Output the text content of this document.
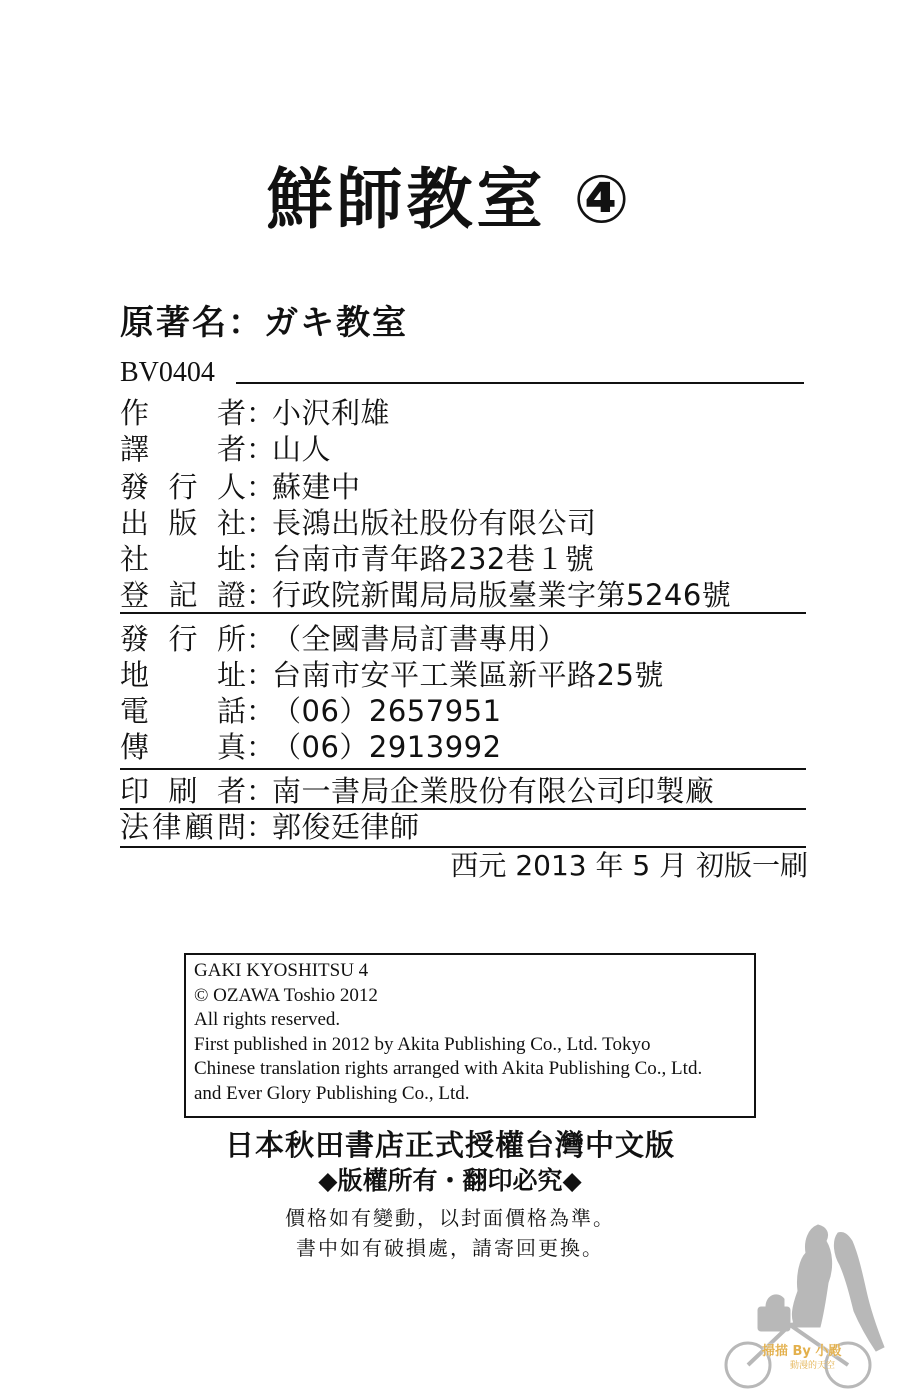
鮮師教室 ④
原著名：ガキ教室
BV0404
作 者 ：
小沢利雄
譯 者 ：
山人
發 行 人 ：
蘇建中
出 版 社 ：
長鴻出版社股份有限公司
社 址 ：
台南市青年路232巷１號
登 記 證 ：
行政院新聞局局版臺業字第5246號
發 行 所 ：
（全國書局訂書專用）
地 址 ：
台南市安平工業區新平路25號
電 話 ：
（06）2657951
傳 真 ：
（06）2913992
印 刷 者 ：
南一書局企業股份有限公司印製廠
法 律 顧 問 ：
郭俊廷律師
西元 2013 年 5 月 初版一刷
GAKI KYOSHITSU 4
© OZAWA Toshio 2012
All rights reserved.
First published in 2012 by Akita Publishing Co., Ltd. Tokyo
Chinese translation rights arranged with Akita Publishing Co., Ltd.
and Ever Glory Publishing Co., Ltd.
日本秋田書店正式授權台灣中文版
◆版權所有・翻印必究◆
價格如有變動，以封面價格為準。
書中如有破損處，請寄回更換。
掃描 By 小殿
動漫的天空
